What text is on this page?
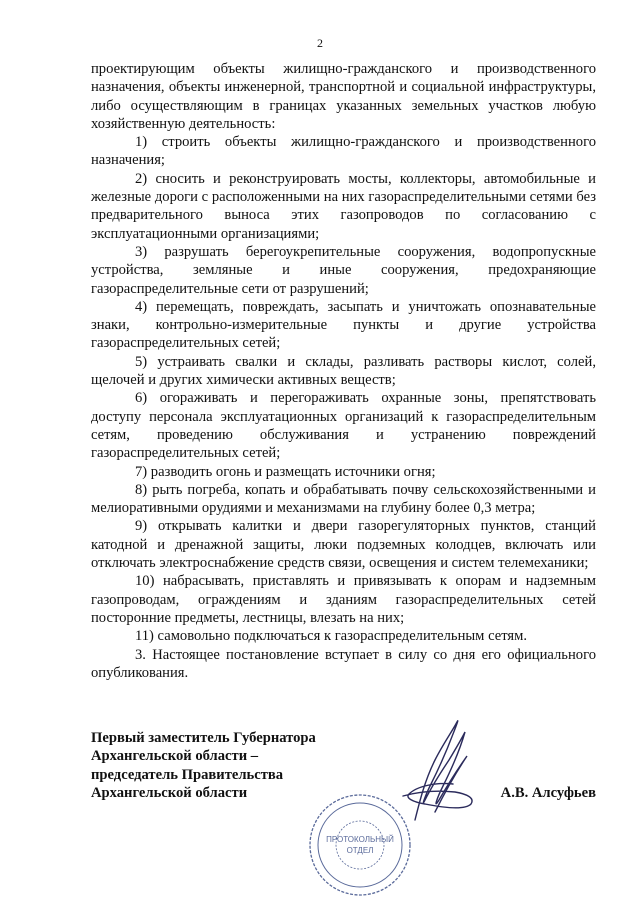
2

проектирующим объекты жилищно-гражданского и производственного назначения, объекты инженерной, транспортной и социальной инфраструктуры, либо осуществляющим в границах указанных земельных участков любую хозяйственную деятельность:

1) строить объекты жилищно-гражданского и производственного назначения;

2) сносить и реконструировать мосты, коллекторы, автомобильные и железные дороги с расположенными на них газораспределительными сетями без предварительного выноса этих газопроводов по согласованию с эксплуатационными организациями;

3) разрушать берегоукрепительные сооружения, водопропускные устройства, земляные и иные сооружения, предохраняющие газораспределительные сети от разрушений;

4) перемещать, повреждать, засыпать и уничтожать опознавательные знаки, контрольно-измерительные пункты и другие устройства газораспределительных сетей;

5) устраивать свалки и склады, разливать растворы кислот, солей, щелочей и других химически активных веществ;

6) огораживать и перегораживать охранные зоны, препятствовать доступу персонала эксплуатационных организаций к газораспределительным сетям, проведению обслуживания и устранению повреждений газораспределительных сетей;

7) разводить огонь и размещать источники огня;

8) рыть погреба, копать и обрабатывать почву сельскохозяйственными и мелиоративными орудиями и механизмами на глубину более 0,3 метра;

9) открывать калитки и двери газорегуляторных пунктов, станций катодной и дренажной защиты, люки подземных колодцев, включать или отключать электроснабжение средств связи, освещения и систем телемеханики;

10) набрасывать, приставлять и привязывать к опорам и надземным газопроводам, ограждениям и зданиям газораспределительных сетей посторонние предметы, лестницы, влезать на них;

11) самовольно подключаться к газораспределительным сетям.

3. Настоящее постановление вступает в силу со дня его официального опубликования.

Первый заместитель Губернатора
Архангельской области –
председатель Правительства
Архангельской области	А.В. Алсуфьев
ПРОТОКОЛЬНЫЙ
ОТДЕЛ
